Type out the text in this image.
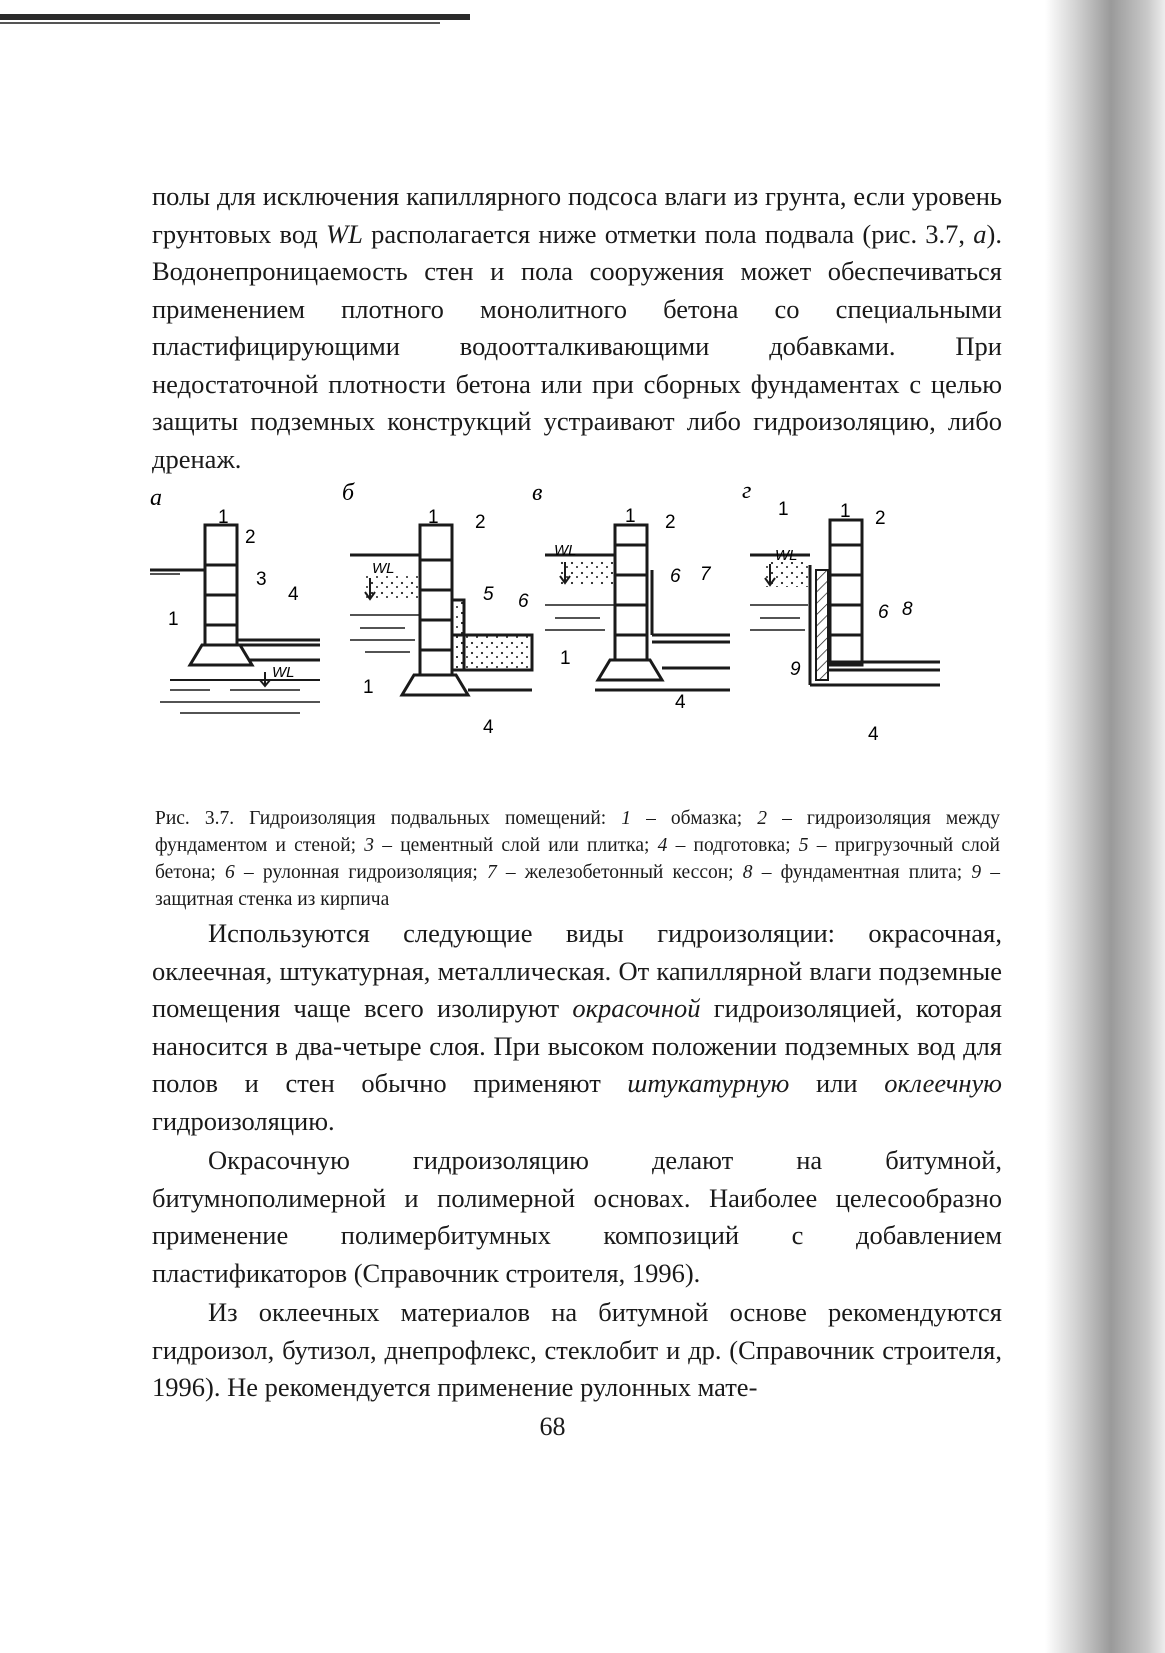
полы для исключения капиллярного подсоса влаги из грунта, если уровень грунтовых вод WL располагается ниже отметки пола подвала (рис. 3.7, а). Водонепроницаемость стен и пола сооружения может обеспечиваться применением плотного монолитного бетона со специальными пластифицирующими водоотталкивающими добавками. При недостаточной плотности бетона или при сборных фундаментах с целью защиты подземных конструкций устраивают либо гидроизоляцию, либо дренаж.

а	б	в	г
1
2
1
3
4
WL
1 2
WL
5 6
1
4
1 2
WL
6 7
1
4
1	1 2
WL
6 8
9
4
Рис. 3.7. Гидроизоляция подвальных помещений: 1 – обмазка; 2 – гидроизоляция между фундаментом и стеной; 3 – цементный слой или плитка; 4 – подготовка; 5 – пригрузочный слой бетона; 6 – рулонная гидроизоляция; 7 – железобетонный кессон; 8 – фундаментная плита; 9 – защитная стенка из кирпича

Используются следующие виды гидроизоляции: окрасочная, оклеечная, штукатурная, металлическая. От капиллярной влаги подземные помещения чаще всего изолируют окрасочной гидроизоляцией, которая наносится в два-четыре слоя. При высоком положении подземных вод для полов и стен обычно применяют штукатурную или оклеечную гидроизоляцию.

Окрасочную гидроизоляцию делают на битумной, битумнополимерной и полимерной основах. Наиболее целесообразно применение полимербитумных композиций с добавлением пластификаторов (Справочник строителя, 1996).

Из оклеечных материалов на битумной основе рекомендуются гидроизол, бутизол, днепрофлекс, стеклобит и др. (Справочник строителя, 1996). Не рекомендуется применение рулонных мате-

68
